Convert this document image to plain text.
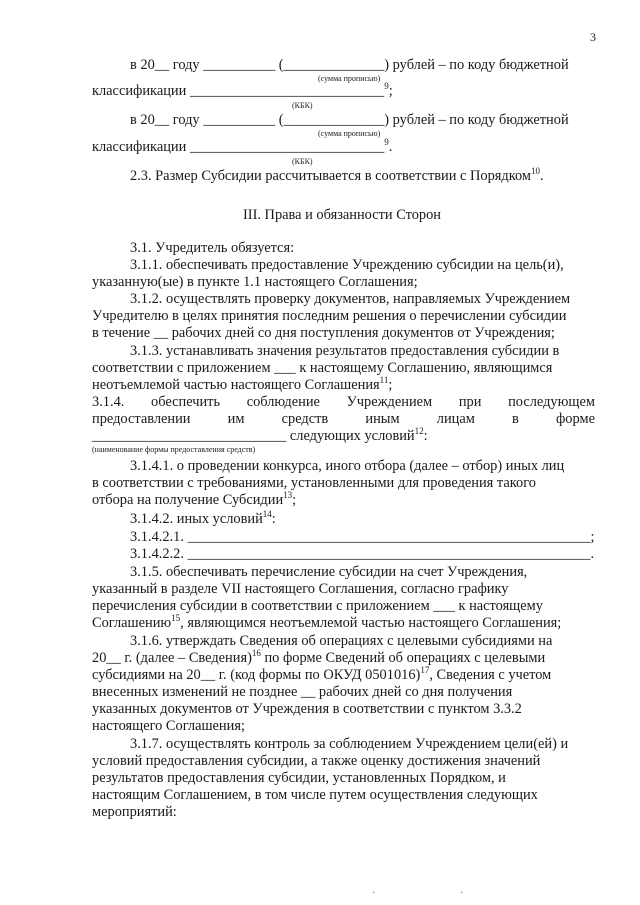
3
в 20__ году __________ (______________) рублей – по коду бюджетной
(сумма прописью)
классификации ___________________________$^9$;
(КБК)
в 20__ году __________ (______________) рублей – по коду бюджетной
(сумма прописью)
классификации ___________________________$^9$.
(КБК)
2.3. Размер Субсидии рассчитывается в соответствии с Порядком$^{10}$.
III. Права и обязанности Сторон
3.1. Учредитель обязуется:
3.1.1. обеспечивать предоставление Учреждению субсидии на цель(и),
указанную(ые) в пункте 1.1 настоящего Соглашения;
3.1.2. осуществлять проверку документов, направляемых Учреждением
Учредителю в целях принятия последним решения о перечислении субсидии
в течение __ рабочих дней со дня поступления документов от Учреждения;
3.1.3. устанавливать значения результатов предоставления субсидии в
соответствии с приложением ___ к настоящему Соглашению, являющимся
неотъемлемой частью настоящего Соглашения$^{11}$;
3.1.4. обеспечить соблюдение Учреждением при последующем
предоставлении	им	средств	иным	лицам	в	форме
___________________________ следующих условий$^{12}$:
(наименование формы предоставления средств)
3.1.4.1. о проведении конкурса, иного отбора (далее – отбор) иных лиц
в соответствии с требованиями, установленными для проведения такого
отбора на получение Субсидии$^{13}$;
3.1.4.2. иных условий$^{14}$:
3.1.4.2.1. ________________________________________________________;
3.1.4.2.2. ________________________________________________________.
3.1.5. обеспечивать перечисление субсидии на счет Учреждения,
указанный в разделе VII настоящего Соглашения, согласно графику
перечисления субсидии в соответствии с приложением ___ к настоящему
Соглашению$^{15}$, являющимся неотъемлемой частью настоящего Соглашения;
3.1.6. утверждать Сведения об операциях с целевыми субсидиями на
20__ г. (далее – Сведения)$^{16}$ по форме Сведений об операциях с целевыми
субсидиями на 20__ г. (код формы по ОКУД 0501016)$^{17}$, Сведения с учетом
внесенных изменений не позднее __ рабочих дней со дня получения
указанных документов от Учреждения в соответствии с пунктом 3.3.2
настоящего Соглашения;
3.1.7. осуществлять контроль за соблюдением Учреждением цели(ей) и
условий предоставления субсидии, а также оценку достижения значений
результатов предоставления субсидии, установленных Порядком, и
настоящим Соглашением, в том числе путем осуществления следующих
мероприятий:
·	·
